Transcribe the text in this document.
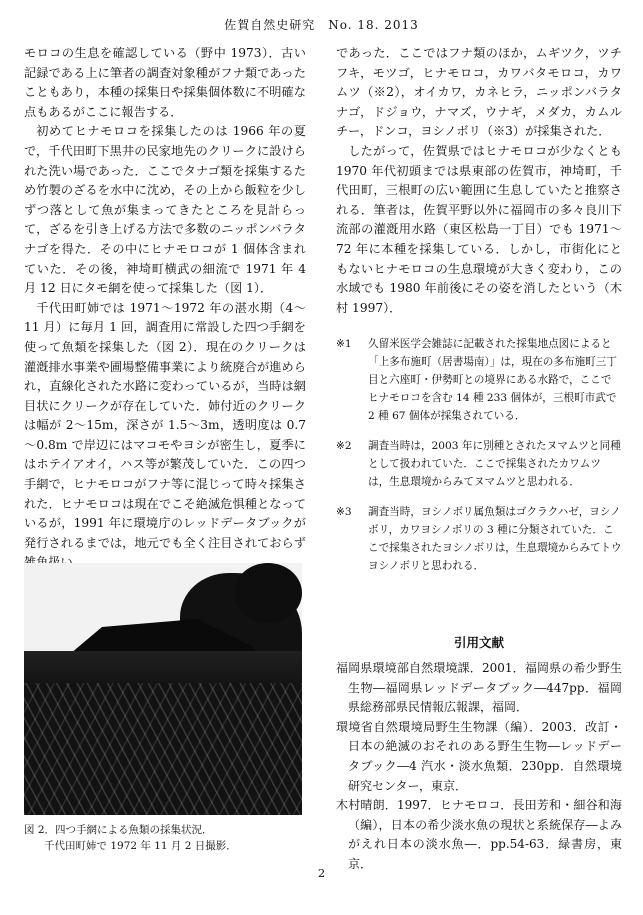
佐賀自然史研究　No. 18. 2013

モロコの生息を確認している（野中 1973）．古い記録である上に筆者の調査対象種がフナ類であったこともあり，本種の採集日や採集個体数に不明確な点もあるがここに報告する．

初めてヒナモロコを採集したのは 1966 年の夏で，千代田町下黒井の民家地先のクリークに設けられた洗い場であった．ここでタナゴ類を採集するため竹製のざるを水中に沈め，その上から飯粒を少しずつ落として魚が集まってきたところを見計らって，ざるを引き上げる方法で多数のニッポンバラタナゴを得た．その中にヒナモロコが 1 個体含まれていた．その後，神埼町横武の細流で 1971 年 4 月 12 日にタモ網を使って採集した（図 1）．

千代田町姉では 1971～1972 年の湛水期（4～11 月）に毎月 1 回，調査用に常設した四つ手網を使って魚類を採集した（図 2）．現在のクリークは灌漑排水事業や圃場整備事業により統廃合が進められ，直線化された水路に変わっているが，当時は網目状にクリークが存在していた．姉付近のクリークは幅が 2～15m，深さが 1.5～3m，透明度は 0.7～0.8m で岸辺にはマコモやヨシが密生し，夏季にはホテイアオイ，ハス等が繁茂していた．この四つ手網で，ヒナモロコがフナ等に混じって時々採集された．ヒナモロコは現在でこそ絶滅危惧種となっているが，1991 年に環境庁のレッドデータブックが発行されるまでは，地元でも全く注目されておらず

図 2．四つ手網による魚類の採集状況．
千代田町姉で 1972 年 11 月 2 日撮影．

であった．ここではフナ類のほか，ムギツク，ツチフキ，モツゴ，ヒナモロコ，カワバタモロコ，カワムツ（※2），オイカワ，カネヒラ，ニッポンバラタナゴ，ドジョウ，ナマズ，ウナギ，メダカ，カムルチー，ドンコ，ヨシノボリ（※3）が採集された．

したがって，佐賀県ではヒナモロコが少なくとも 1970 年代初頭までは県東部の佐賀市，神埼町，千代田町，三根町の広い範囲に生息していたと推察される．筆者は，佐賀平野以外に福岡市の多々良川下流部の灌漑用水路（東区松島一丁目）でも 1971～72 年に本種を採集している．しかし，市街化にともないヒナモロコの生息環境が大きく変わり，この水域でも 1980 年前後にその姿を消したという（木村 1997）．

※1 久留米医学会雑誌に記載された採集地点図によると「上多布施町（居書場南）」は，現在の多布施町三丁目と六座町・伊勢町との境界にある水路で，ここでヒナモロコを含む 14 種 233 個体が，三根町市武で 2 種 67 個体が採集されている．
※2 調査当時は，2003 年に別種とされたヌマムツと同種として扱われていた．ここで採集されたカワムツは，生息環境からみてヌマムツと思われる．
※3 調査当時，ヨシノボリ属魚類はゴクラクハゼ，ヨシノボリ，カワヨシノボリの 3 種に分類されていた．ここで採集されたヨシノボリは，生息環境からみてトウヨシノボリと思われる．
引用文献
福岡県環境部自然環境課．2001．福岡県の希少野生生物―福岡県レッドデータブック―447pp．福岡県総務部県民情報広報課，福岡．
環境省自然環境局野生生物課（編）．2003．改訂・日本の絶滅のおそれのある野生生物―レッドデータブック―4 汽水・淡水魚類．230pp．自然環境研究センター，東京．
木村晴朗．1997．ヒナモロコ．長田芳和・細谷和海（編），日本の希少淡水魚の現状と系統保存―よみがえれ日本の淡水魚―．pp.54-63．緑書房，東京．
2
